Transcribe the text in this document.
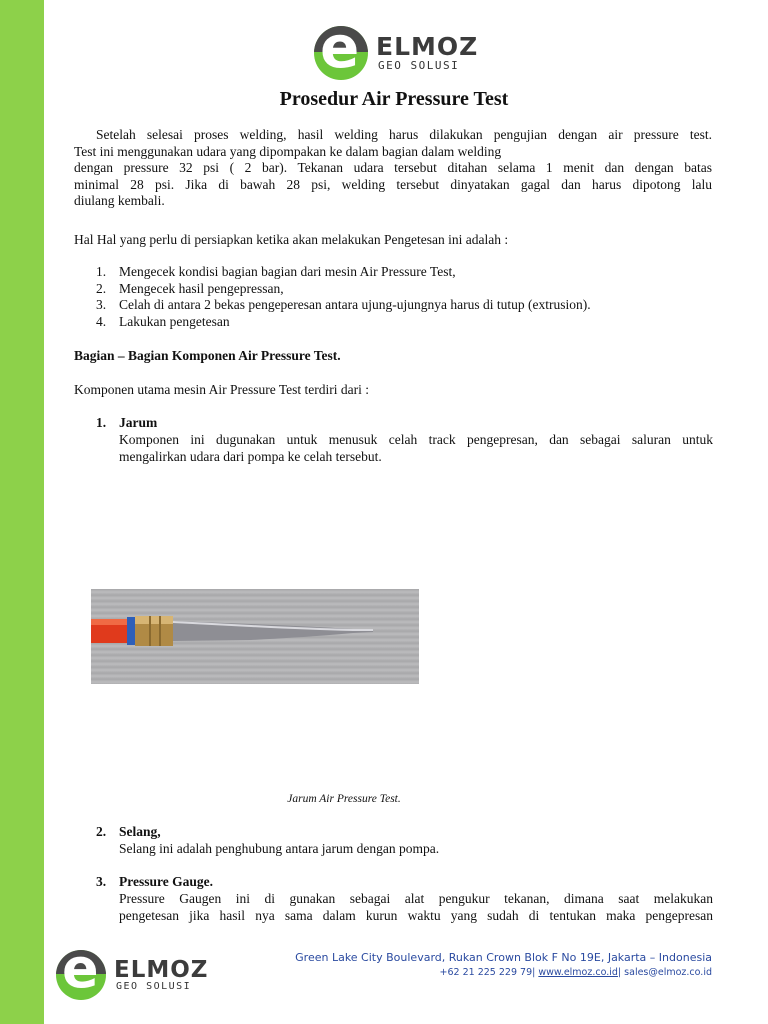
e ELMOZ
GEO SOLUSI
Prosedur Air Pressure Test
Setelah selesai proses welding, hasil welding harus dilakukan pengujian dengan air pressure test.
Test ini menggunakan udara yang dipompakan ke dalam bagian dalam welding
dengan pressure 32 psi ( 2 bar). Tekanan udara tersebut ditahan selama 1 menit dan dengan batas
minimal 28 psi. Jika di bawah 28 psi, welding tersebut dinyatakan gagal dan harus dipotong lalu
diulang kembali.
Hal Hal yang perlu di persiapkan ketika akan melakukan Pengetesan ini adalah :
1. Mengecek kondisi bagian bagian dari mesin Air Pressure Test,
2. Mengecek hasil pengepressan,
3. Celah di antara 2 bekas pengeperesan antara ujung-ujungnya harus di tutup (extrusion).
4. Lakukan pengetesan
Bagian – Bagian Komponen Air Pressure Test.
Komponen utama mesin Air Pressure Test terdiri dari :
1. Jarum
Komponen ini dugunakan untuk menusuk celah track pengepresan, dan sebagai saluran untuk
mengalirkan udara dari pompa ke celah tersebut.
Jarum Air Pressure Test.
2. Selang,
Selang ini adalah penghubung antara jarum dengan pompa.
3. Pressure Gauge.
Pressure Gaugen ini di gunakan sebagai alat pengukur tekanan, dimana saat melakukan
pengetesan jika hasil nya sama dalam kurun waktu yang sudah di tentukan maka pengepresan
e ELMOZ
GEO SOLUSI
Green Lake City Boulevard, Rukan Crown Blok F No 19E, Jakarta – Indonesia
+62 21 225 229 79| www.elmoz.co.id| sales@elmoz.co.id
